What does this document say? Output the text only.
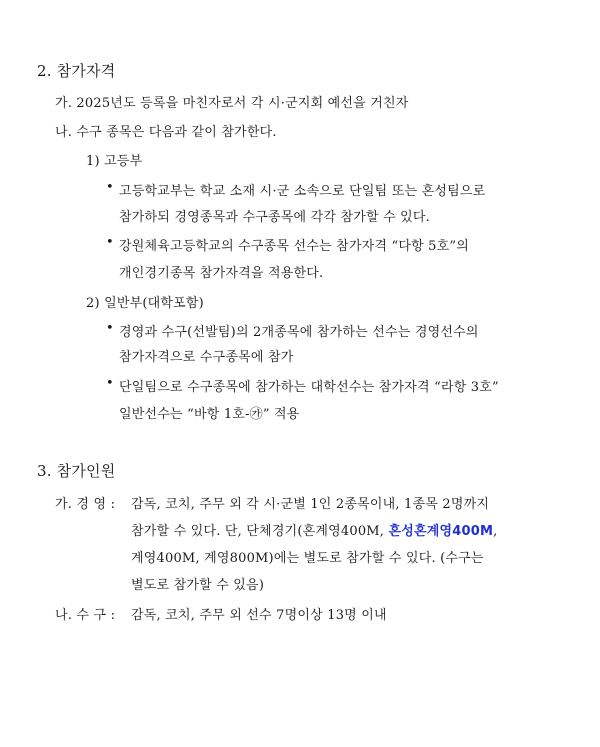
2. 참가자격
가. 2025년도 등록을 마친자로서 각 시·군지회 예선을 거친자
나. 수구 종목은 다음과 같이 참가한다.
1) 고등부
• 고등학교부는 학교 소재 시·군 소속으로 단일팀 또는 혼성팀으로
참가하되 경영종목과 수구종목에 각각 참가할 수 있다.
• 강원체육고등학교의 수구종목 선수는 참가자격 “다항 5호”의
개인경기종목 참가자격을 적용한다.
2) 일반부(대학포함)
• 경영과 수구(선발팀)의 2개종목에 참가하는 선수는 경영선수의
참가자격으로 수구종목에 참가
• 단일팀으로 수구종목에 참가하는 대학선수는 참가자격 “라항 3호”
일반선수는 “바항 1호-㉮” 적용
3. 참가인원
가. 경 영 : 감독, 코치, 주무 외 각 시·군별 1인 2종목이내, 1종목 2명까지
참가할 수 있다. 단, 단체경기(혼계영400M, 혼성혼계영400M,
계영400M, 계영800M)에는 별도로 참가할 수 있다. (수구는
별도로 참가할 수 있음)
나. 수 구 : 감독, 코치, 주무 외 선수 7명이상 13명 이내
